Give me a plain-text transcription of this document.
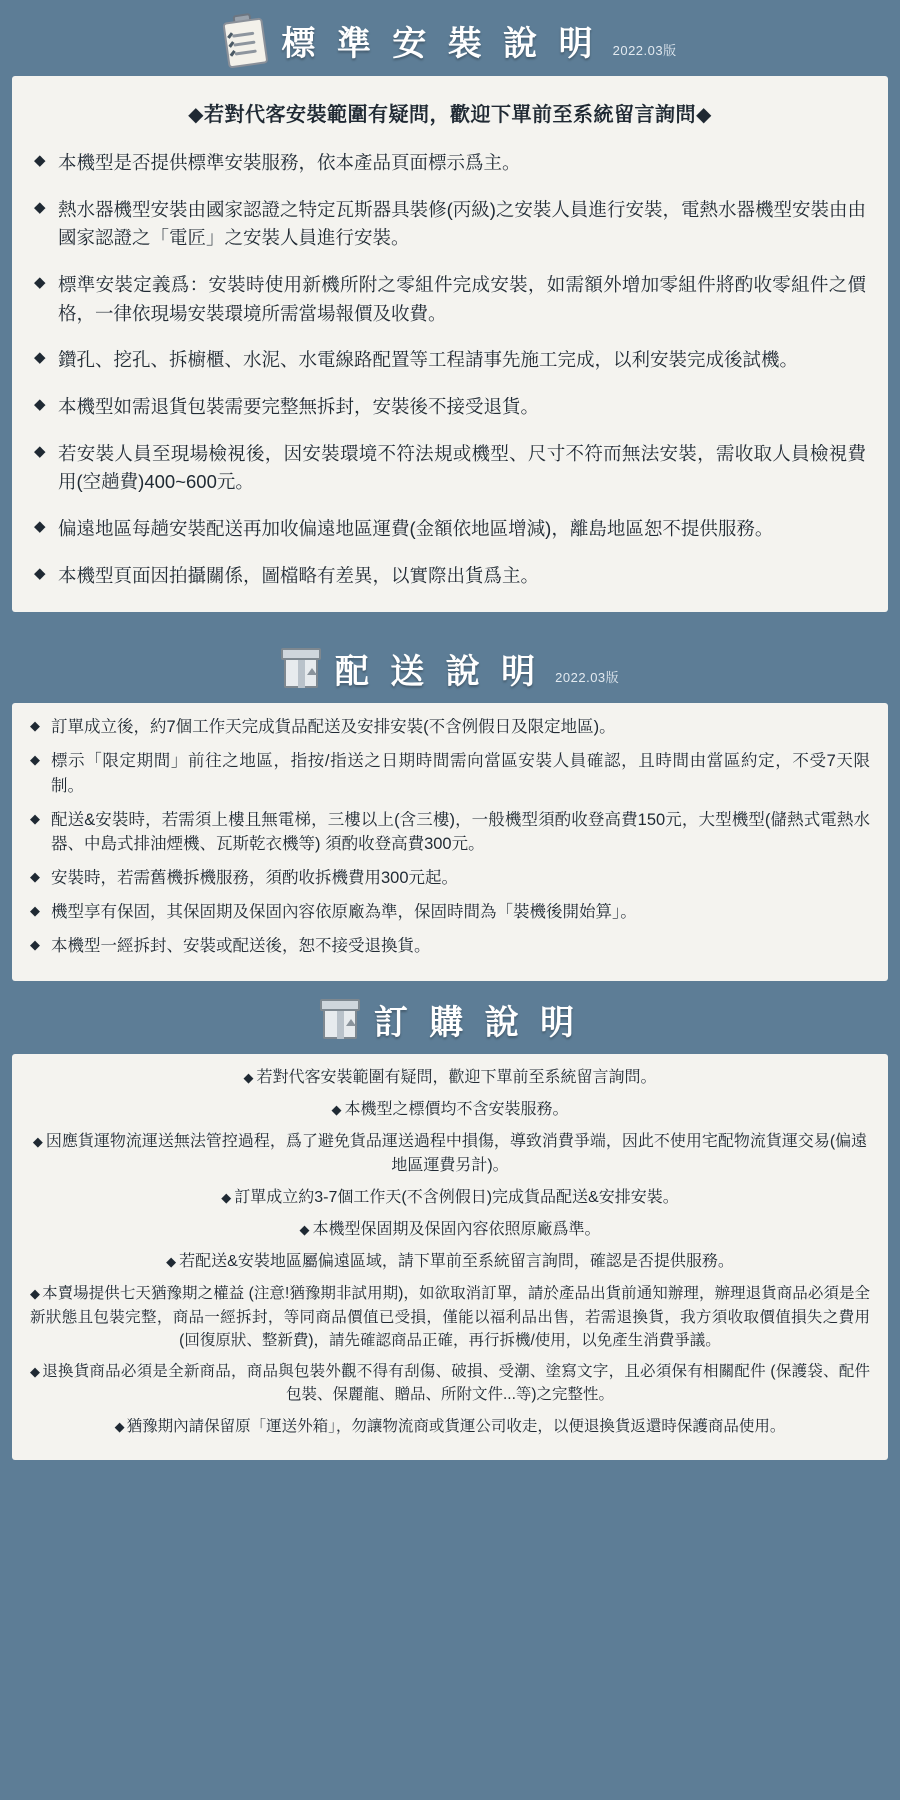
標 準 安 裝 說 明 2022.03版
◆若對代客安裝範圍有疑問，歡迎下單前至系統留言詢問◆
◆ 本機型是否提供標準安裝服務，依本產品頁面標示爲主。
◆ 熱水器機型安裝由國家認證之特定瓦斯器具裝修(丙級)之安裝人員進行安裝，電熱水器機型安裝由由國家認證之「電匠」之安裝人員進行安裝。
◆ 標準安裝定義爲：安裝時使用新機所附之零組件完成安裝，如需額外增加零組件將酌收零組件之價格，一律依現場安裝環境所需當場報價及收費。
◆ 鑽孔、挖孔、拆櫥櫃、水泥、水電線路配置等工程請事先施工完成，以利安裝完成後試機。
◆ 本機型如需退貨包裝需要完整無拆封，安裝後不接受退貨。
◆ 若安裝人員至現場檢視後，因安裝環境不符法規或機型、尺寸不符而無法安裝，需收取人員檢視費用(空趟費)400~600元。
◆ 偏遠地區每趟安裝配送再加收偏遠地區運費(金額依地區增減)，離島地區恕不提供服務。
◆ 本機型頁面因拍攝關係，圖檔略有差異，以實際出貨爲主。
配 送 說 明 2022.03版
◆ 訂單成立後，約7個工作天完成貨品配送及安排安裝(不含例假日及限定地區)。
◆ 標示「限定期間」前往之地區，指按/指送之日期時間需向當區安裝人員確認，且時間由當區約定，不受7天限制。
◆ 配送&安裝時，若需須上樓且無電梯，三樓以上(含三樓)，一般機型須酌收登高費150元，大型機型(儲熱式電熱水器、中島式排油煙機、瓦斯乾衣機等) 須酌收登高費300元。
◆ 安裝時，若需舊機拆機服務，須酌收拆機費用300元起。
◆ 機型享有保固，其保固期及保固內容依原廠為準，保固時間為「裝機後開始算」。
◆ 本機型一經拆封、安裝或配送後，恕不接受退換貨。
訂 購 說 明
◆ 若對代客安裝範圍有疑問，歡迎下單前至系統留言詢問。
◆ 本機型之標價均不含安裝服務。
◆ 因應貨運物流運送無法管控過程，爲了避免貨品運送過程中損傷，導致消費爭端，因此不使用宅配物流貨運交易(偏遠地區運費另計)。
◆ 訂單成立約3-7個工作天(不含例假日)完成貨品配送&安排安裝。
◆ 本機型保固期及保固內容依照原廠爲準。
◆ 若配送&安裝地區屬偏遠區域，請下單前至系統留言詢問，確認是否提供服務。
◆ 本賣場提供七天猶豫期之權益 (注意!猶豫期非試用期)，如欲取消訂單，請於產品出貨前通知辦理，辦理退貨商品必須是全新狀態且包裝完整，商品一經拆封，等同商品價值已受損，僅能以福利品出售，若需退換貨，我方須收取價值損失之費用(回復原狀、整新費)，請先確認商品正確，再行拆機/使用，以免產生消費爭議。
◆ 退換貨商品必須是全新商品，商品與包裝外觀不得有刮傷、破損、受潮、塗寫文字，且必須保有相關配件 (保護袋、配件包裝、保麗龍、贈品、所附文件...等)之完整性。
◆ 猶豫期內請保留原「運送外箱」，勿讓物流商或貨運公司收走，以便退換貨返還時保護商品使用。
